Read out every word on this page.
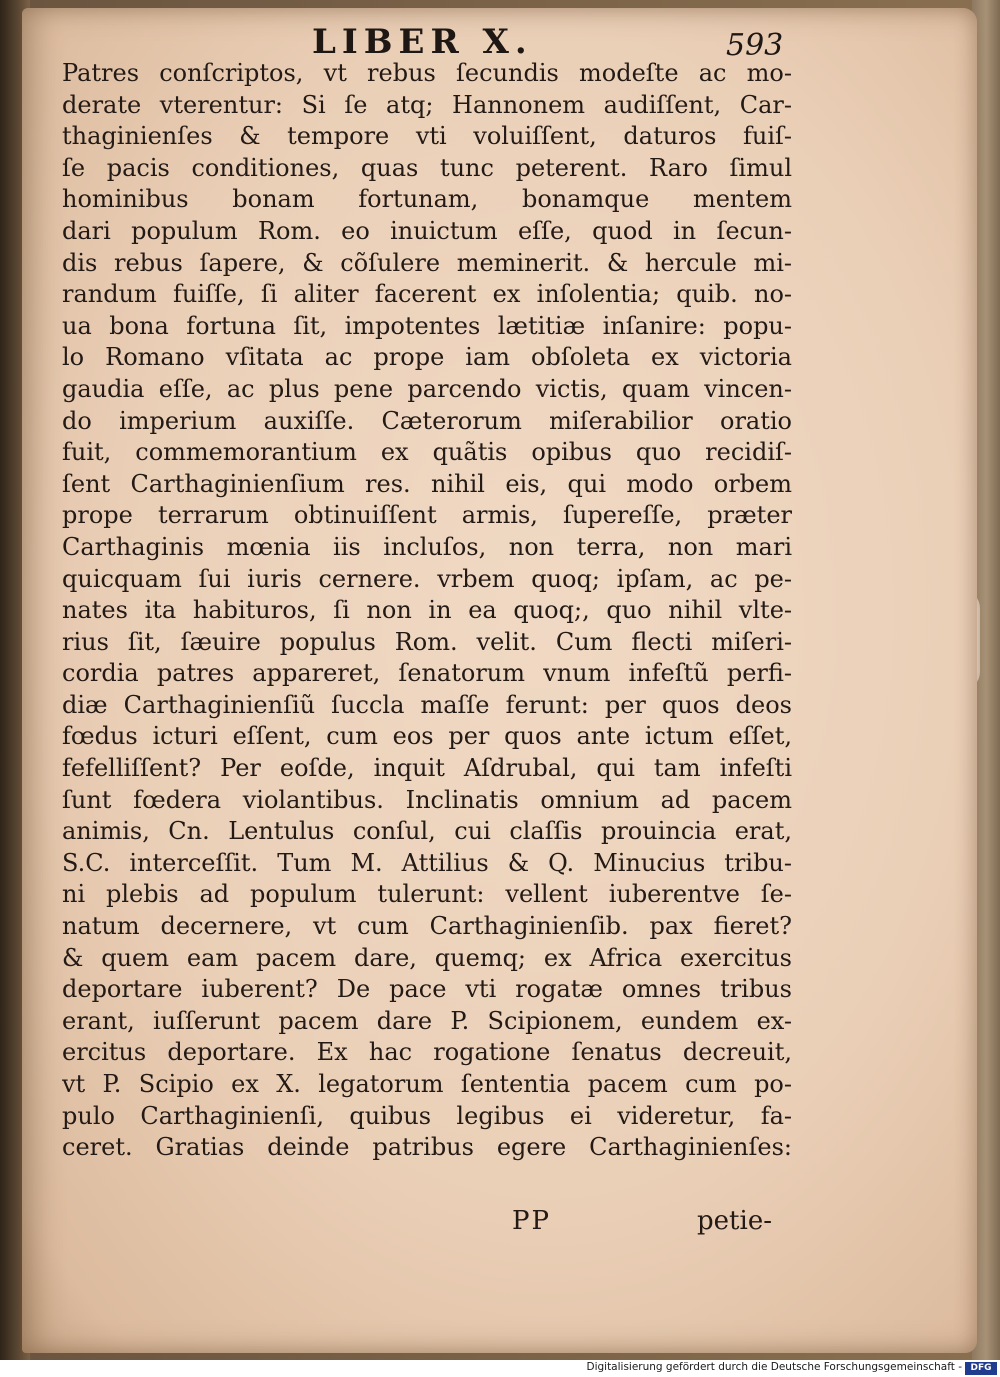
LIBER X.	593
Patres conſcriptos, vt rebus ſecundis modeſte ac mo-
derate vterentur: Si ſe atq; Hannonem audiſſent, Car-
thaginienſes & tempore vti voluiſſent, daturos fuiſ-
ſe pacis conditiones, quas tunc peterent. Raro ſimul
hominibus bonam fortunam, bonamque mentem
dari populum Rom. eo inuictum eſſe, quod in ſecun-
dis rebus ſapere, & cõſulere meminerit. & hercule mi-
randum fuiſſe, ſi aliter facerent ex inſolentia; quib. no-
ua bona fortuna ſit, impotentes lætitiæ inſanire: popu-
lo Romano vſitata ac prope iam obſoleta ex victoria
gaudia eſſe, ac plus pene parcendo victis, quam vincen-
do imperium auxiſſe. Cæterorum miſerabilior oratio
fuit, commemorantium ex quãtis opibus quo recidiſ-
ſent Carthaginienſium res. nihil eis, qui modo orbem
prope terrarum obtinuiſſent armis, ſupereſſe, præter
Carthaginis mœnia iis incluſos, non terra, non mari
quicquam ſui iuris cernere. vrbem quoq; ipſam, ac pe-
nates ita habituros, ſi non in ea quoq;, quo nihil vlte-
rius ſit, ſæuire populus Rom. velit. Cum flecti miſeri-
cordia patres appareret, ſenatorum vnum infeſtũ perfi-
diæ Carthaginienſiũ ſuccla maſſe ferunt: per quos deos
fœdus icturi eſſent, cum eos per quos ante ictum eſſet,
fefelliſſent? Per eoſde, inquit Aſdrubal, qui tam infeſti
ſunt fœdera violantibus. Inclinatis omnium ad pacem
animis, Cn. Lentulus conſul, cui claſſis prouincia erat,
S.C. interceſſit. Tum M. Attilius & Q. Minucius tribu-
ni plebis ad populum tulerunt: vellent iuberentve ſe-
natum decernere, vt cum Carthaginienſib. pax fieret?
& quem eam pacem dare, quemq; ex Africa exercitus
deportare iuberent? De pace vti rogatæ omnes tribus
erant, iuſſerunt pacem dare P. Scipionem, eundem ex-
ercitus deportare. Ex hac rogatione ſenatus decreuit,
vt P. Scipio ex X. legatorum ſententia pacem cum po-
pulo Carthaginienſi, quibus legibus ei videretur, fa-
ceret. Gratias deinde patribus egere Carthaginienſes:
PP	petie-
Digitalisierung gefördert durch die Deutsche Forschungsgemeinschaft - DFG
